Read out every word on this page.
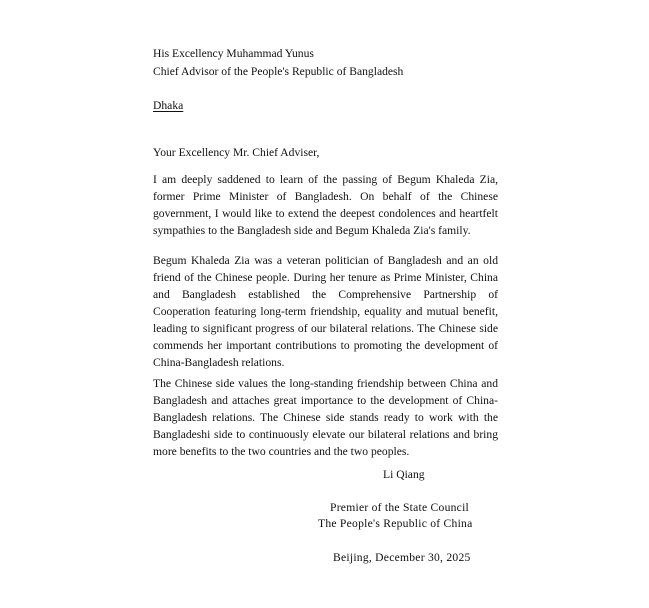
His Excellency Muhammad Yunus
Chief Advisor of the People's Republic of Bangladesh
Dhaka
Your Excellency Mr. Chief Adviser,

I am deeply saddened to learn of the passing of Begum Khaleda Zia, former Prime Minister of Bangladesh. On behalf of the Chinese government, I would like to extend the deepest condolences and heartfelt sympathies to the Bangladesh side and Begum Khaleda Zia's family.

Begum Khaleda Zia was a veteran politician of Bangladesh and an old friend of the Chinese people. During her tenure as Prime Minister, China and Bangladesh established the Comprehensive Partnership of Cooperation featuring long-term friendship, equality and mutual benefit, leading to significant progress of our bilateral relations. The Chinese side commends her important contributions to promoting the development of China-Bangladesh relations.

The Chinese side values the long-standing friendship between China and Bangladesh and attaches great importance to the development of China-Bangladesh relations. The Chinese side stands ready to work with the Bangladeshi side to continuously elevate our bilateral relations and bring more benefits to the two countries and the two peoples.

Li Qiang
Premier of the State Council
The People's Republic of China
Beijing, December 30, 2025
